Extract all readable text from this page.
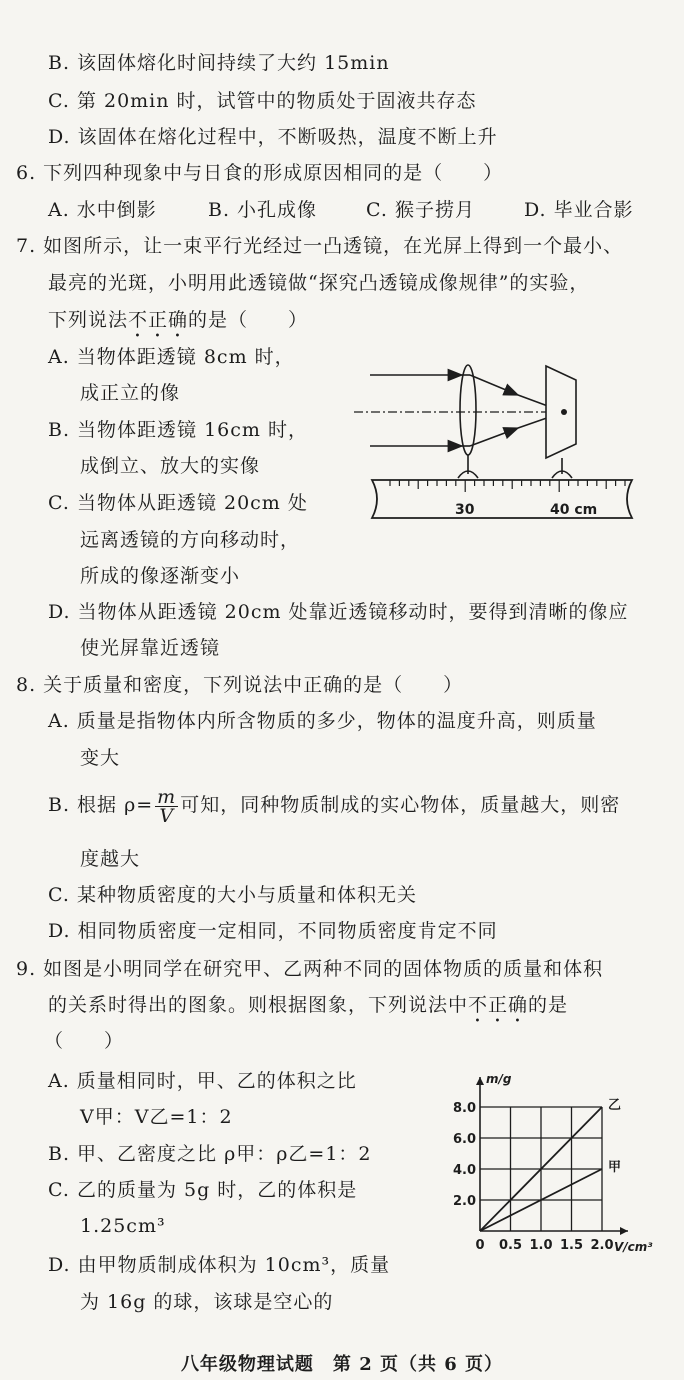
B. 该固体熔化时间持续了大约 15min
C. 第 20min 时，试管中的物质处于固液共存态
D. 该固体在熔化过程中，不断吸热，温度不断上升
6. 下列四种现象中与日食的形成原因相同的是（　　）
A. 水中倒影	B. 小孔成像	C. 猴子捞月	D. 毕业合影
7. 如图所示，让一束平行光经过一凸透镜，在光屏上得到一个最小、
最亮的光斑，小明用此透镜做“探究凸透镜成像规律”的实验，
下列说法不正确的是（　　）
A. 当物体距透镜 8cm 时，
成正立的像
B. 当物体距透镜 16cm 时，
成倒立、放大的实像
C. 当物体从距透镜 20cm 处
远离透镜的方向移动时，
所成的像逐渐变小
D. 当物体从距透镜 20cm 处靠近透镜移动时，要得到清晰的像应
使光屏靠近透镜
30	40 cm
8. 关于质量和密度，下列说法中正确的是（　　）
A. 质量是指物体内所含物质的多少，物体的温度升高，则质量
变大
B. 根据 $\rho= \frac{m}{V}$ 可知，同种物质制成的实心物体，质量越大，则密
度越大
C. 某种物质密度的大小与质量和体积无关
D. 相同物质密度一定相同，不同物质密度肯定不同
9. 如图是小明同学在研究甲、乙两种不同的固体物质的质量和体积
的关系时得出的图象。则根据图象，下列说法中不正确的是
（　　）
A. 质量相同时，甲、乙的体积之比
V甲：V乙=1：2
B. 甲、乙密度之比 ρ甲：ρ乙=1：2
C. 乙的质量为 5g 时，乙的体积是
1.25cm³
D. 由甲物质制成体积为 10cm³，质量
为 16g 的球，该球是空心的
乙
甲
0 0.5 1.0 1.5 2.0
2.0
4.0
6.0
8.0
V/cm³
m/g
八年级物理试题　第 2 页（共 6 页）
